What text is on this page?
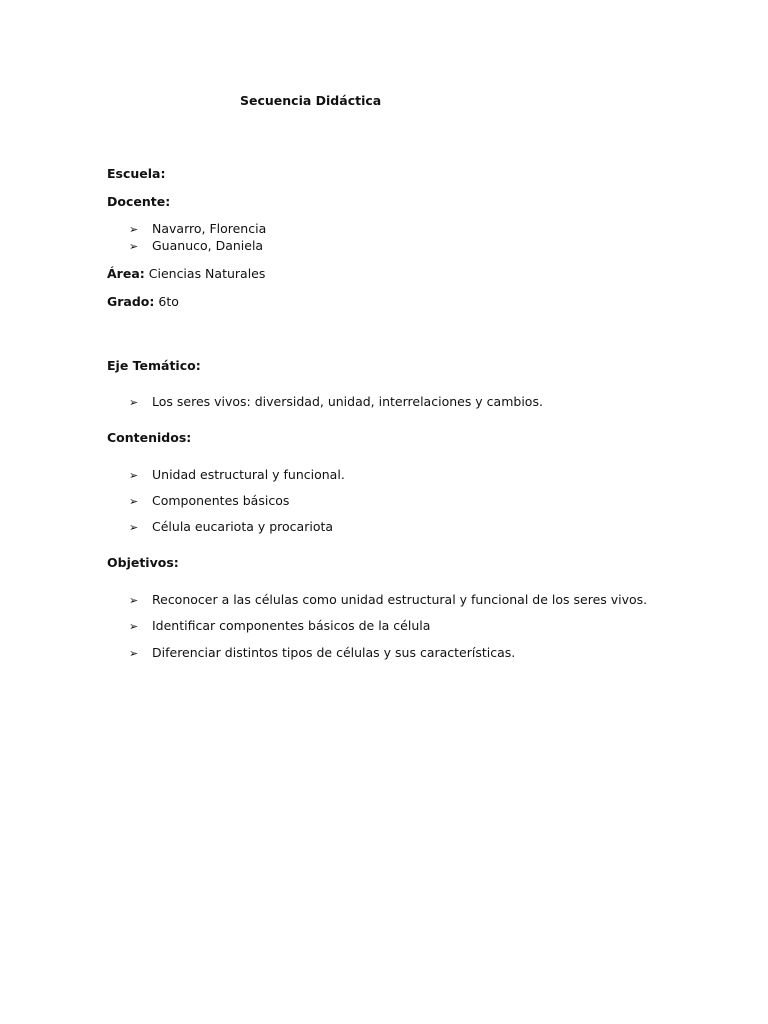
Secuencia Didáctica
Escuela:
Docente:
➢ Navarro, Florencia
➢ Guanuco, Daniela
Área: Ciencias Naturales
Grado: 6to
Eje Temático:
➢ Los seres vivos: diversidad, unidad, interrelaciones y cambios.
Contenidos:
➢ Unidad estructural y funcional.
➢ Componentes básicos
➢ Célula eucariota y procariota
Objetivos:
➢ Reconocer a las células como unidad estructural y funcional de los seres vivos.
➢ Identificar componentes básicos de la célula
➢ Diferenciar distintos tipos de células y sus características.
